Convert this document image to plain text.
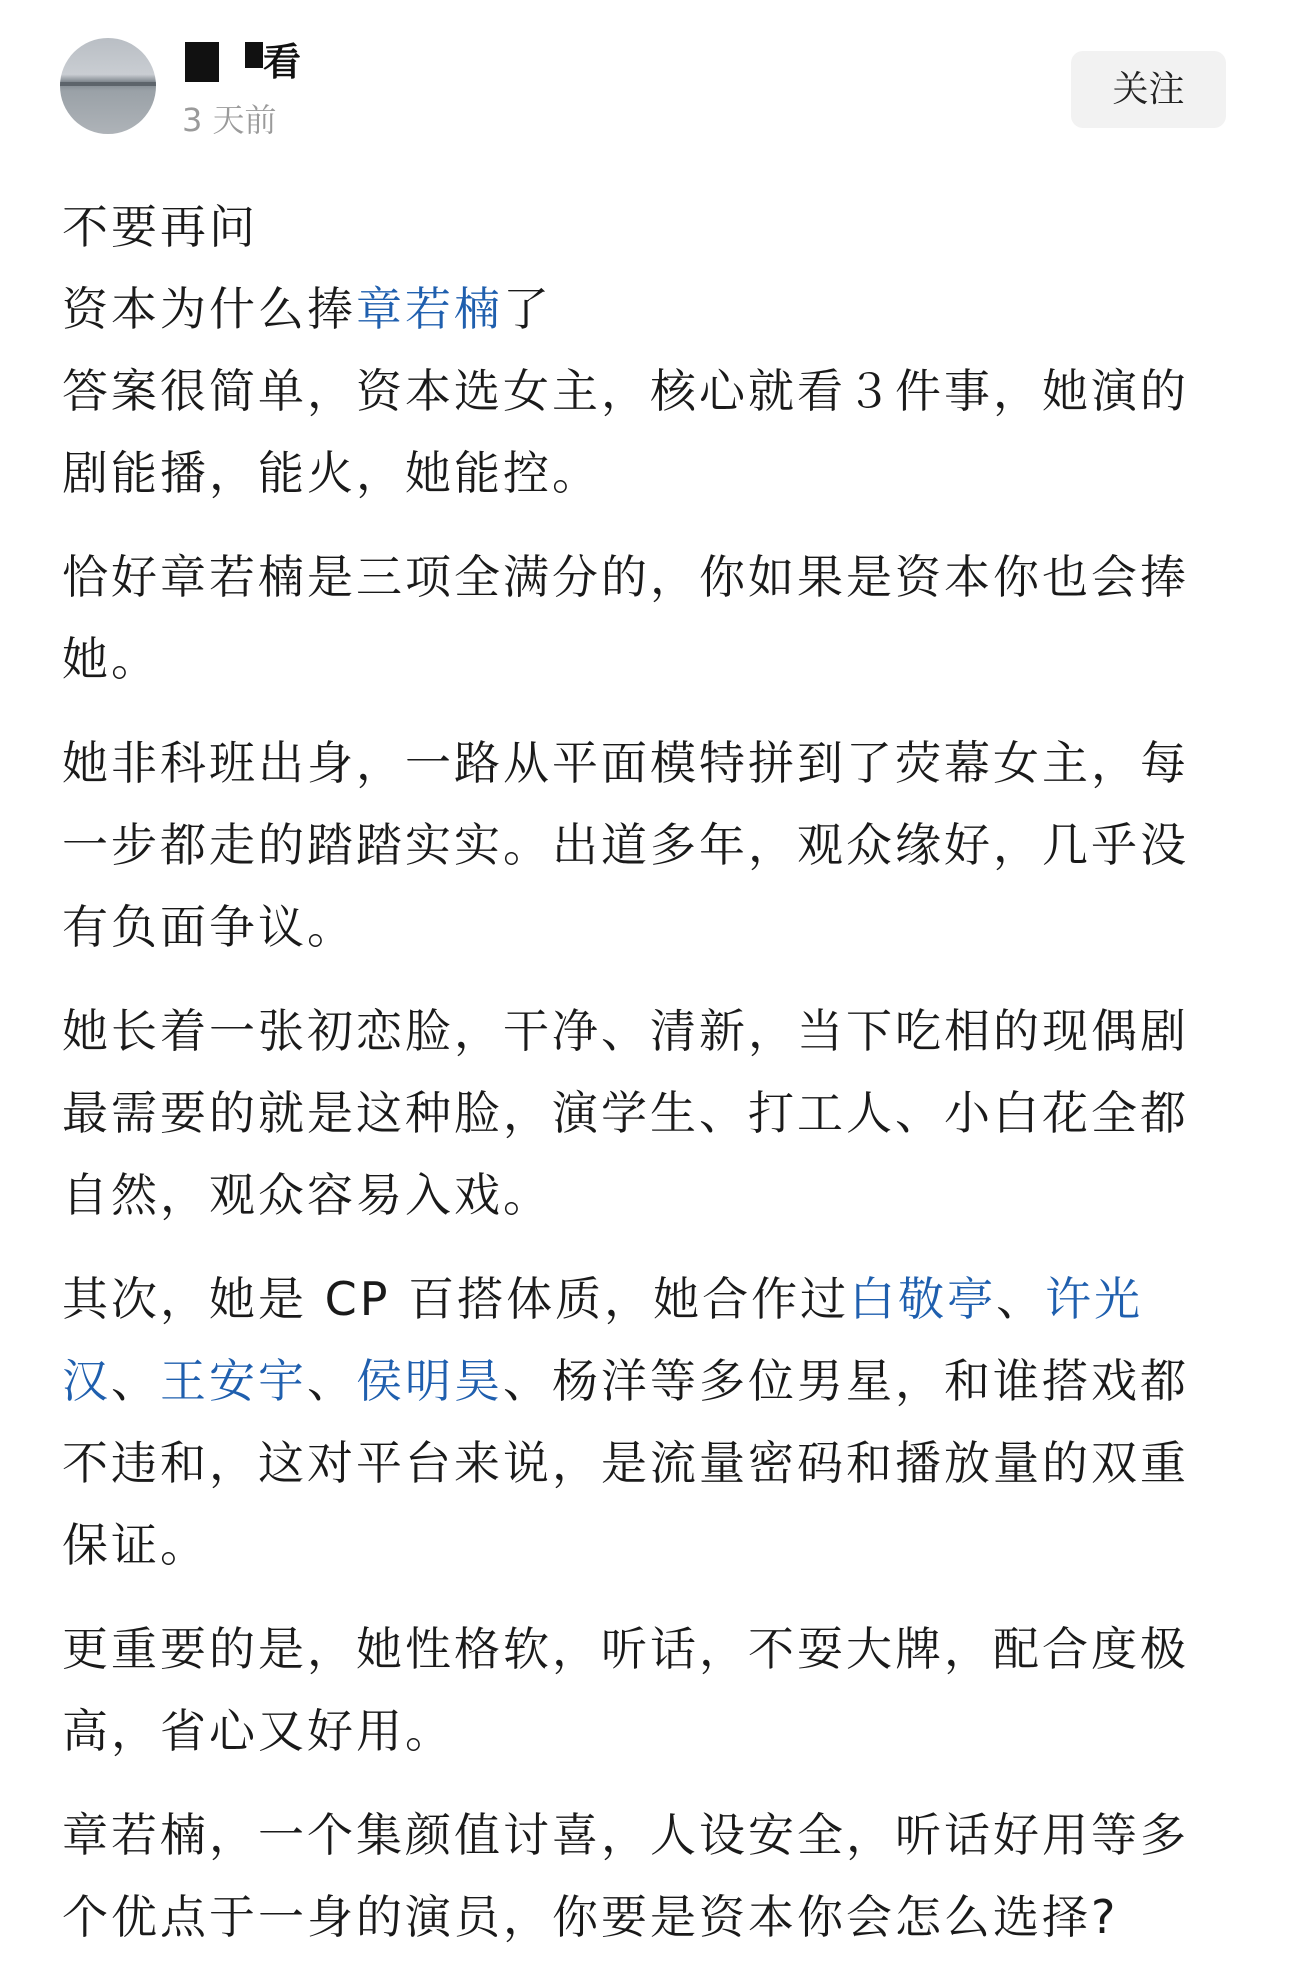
看
3 天前
关注

不要再问

资本为什么捧章若楠了

答案很简单，资本选女主，核心就看３件事，她演的剧能播，能火，她能控。

恰好章若楠是三项全满分的，你如果是资本你也会捧她。

她非科班出身，一路从平面模特拼到了荧幕女主，每一步都走的踏踏实实。出道多年，观众缘好，几乎没有负面争议。

她长着一张初恋脸，干净、清新，当下吃相的现偶剧最需要的就是这种脸，演学生、打工人、小白花全都自然，观众容易入戏。

其次，她是 CP 百搭体质，她合作过白敬亭、许光汉、王安宇、侯明昊、杨洋等多位男星，和谁搭戏都不违和，这对平台来说，是流量密码和播放量的双重保证。

更重要的是，她性格软，听话，不耍大牌，配合度极高，省心又好用。

章若楠，一个集颜值讨喜，人设安全，听话好用等多个优点于一身的演员，你要是资本你会怎么选择?
